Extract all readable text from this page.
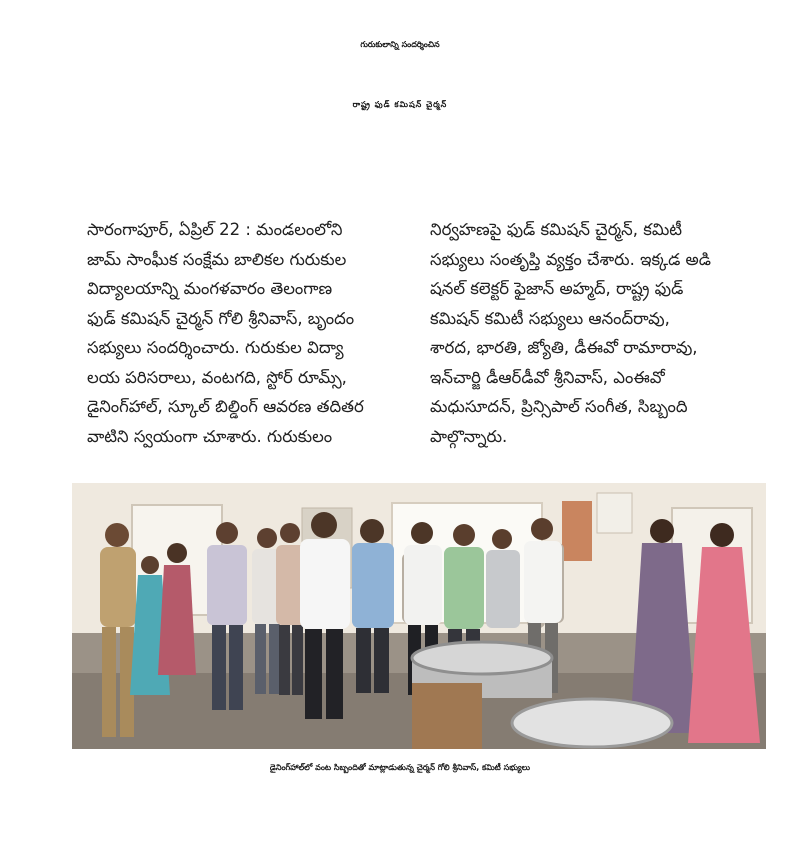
గురుకులాన్ని సందర్శించిన
రాష్ట్ర ఫుడ్ కమిషన్ చైర్మన్
సారంగాపూర్, ఏప్రిల్ 22 : మండలంలోని
జామ్ సాంఘీక సంక్షేమ బాలికల గురుకుల
విద్యాలయాన్ని మంగళవారం తెలంగాణ
ఫుడ్ కమిషన్ చైర్మన్ గోలి శ్రీనివాస్, బృందం
సభ్యులు సందర్శించారు. గురుకుల విద్యా
లయ పరిసరాలు, వంటగది, స్టోర్ రూమ్స్,
డైనింగ్‌హాల్, స్కూల్ బిల్డింగ్ ఆవరణ తదితర
వాటిని స్వయంగా చూశారు. గురుకులం
నిర్వహణపై ఫుడ్ కమిషన్ చైర్మన్, కమిటీ
సభ్యులు సంతృప్తి వ్యక్తం చేశారు. ఇక్కడ అడి
షనల్ కలెక్టర్ ఫైజాన్ అహ్మద్, రాష్ట్ర ఫుడ్
కమిషన్ కమిటీ సభ్యులు ఆనంద్‌రావు,
శారద, భారతి, జ్యోతి, డీఈవో రామారావు,
ఇన్‌చార్జి డీఆర్‌డీవో శ్రీనివాస్, ఎంఈవో
మధుసూదన్, ప్రిన్సిపాల్ సంగీత, సిబ్బంది
పాల్గొన్నారు.
డైనింగ్‌హాల్‌లో వంట సిబ్బందితో మాట్లాడుతున్న చైర్మన్ గోలి శ్రీనివాస్, కమిటీ సభ్యులు
